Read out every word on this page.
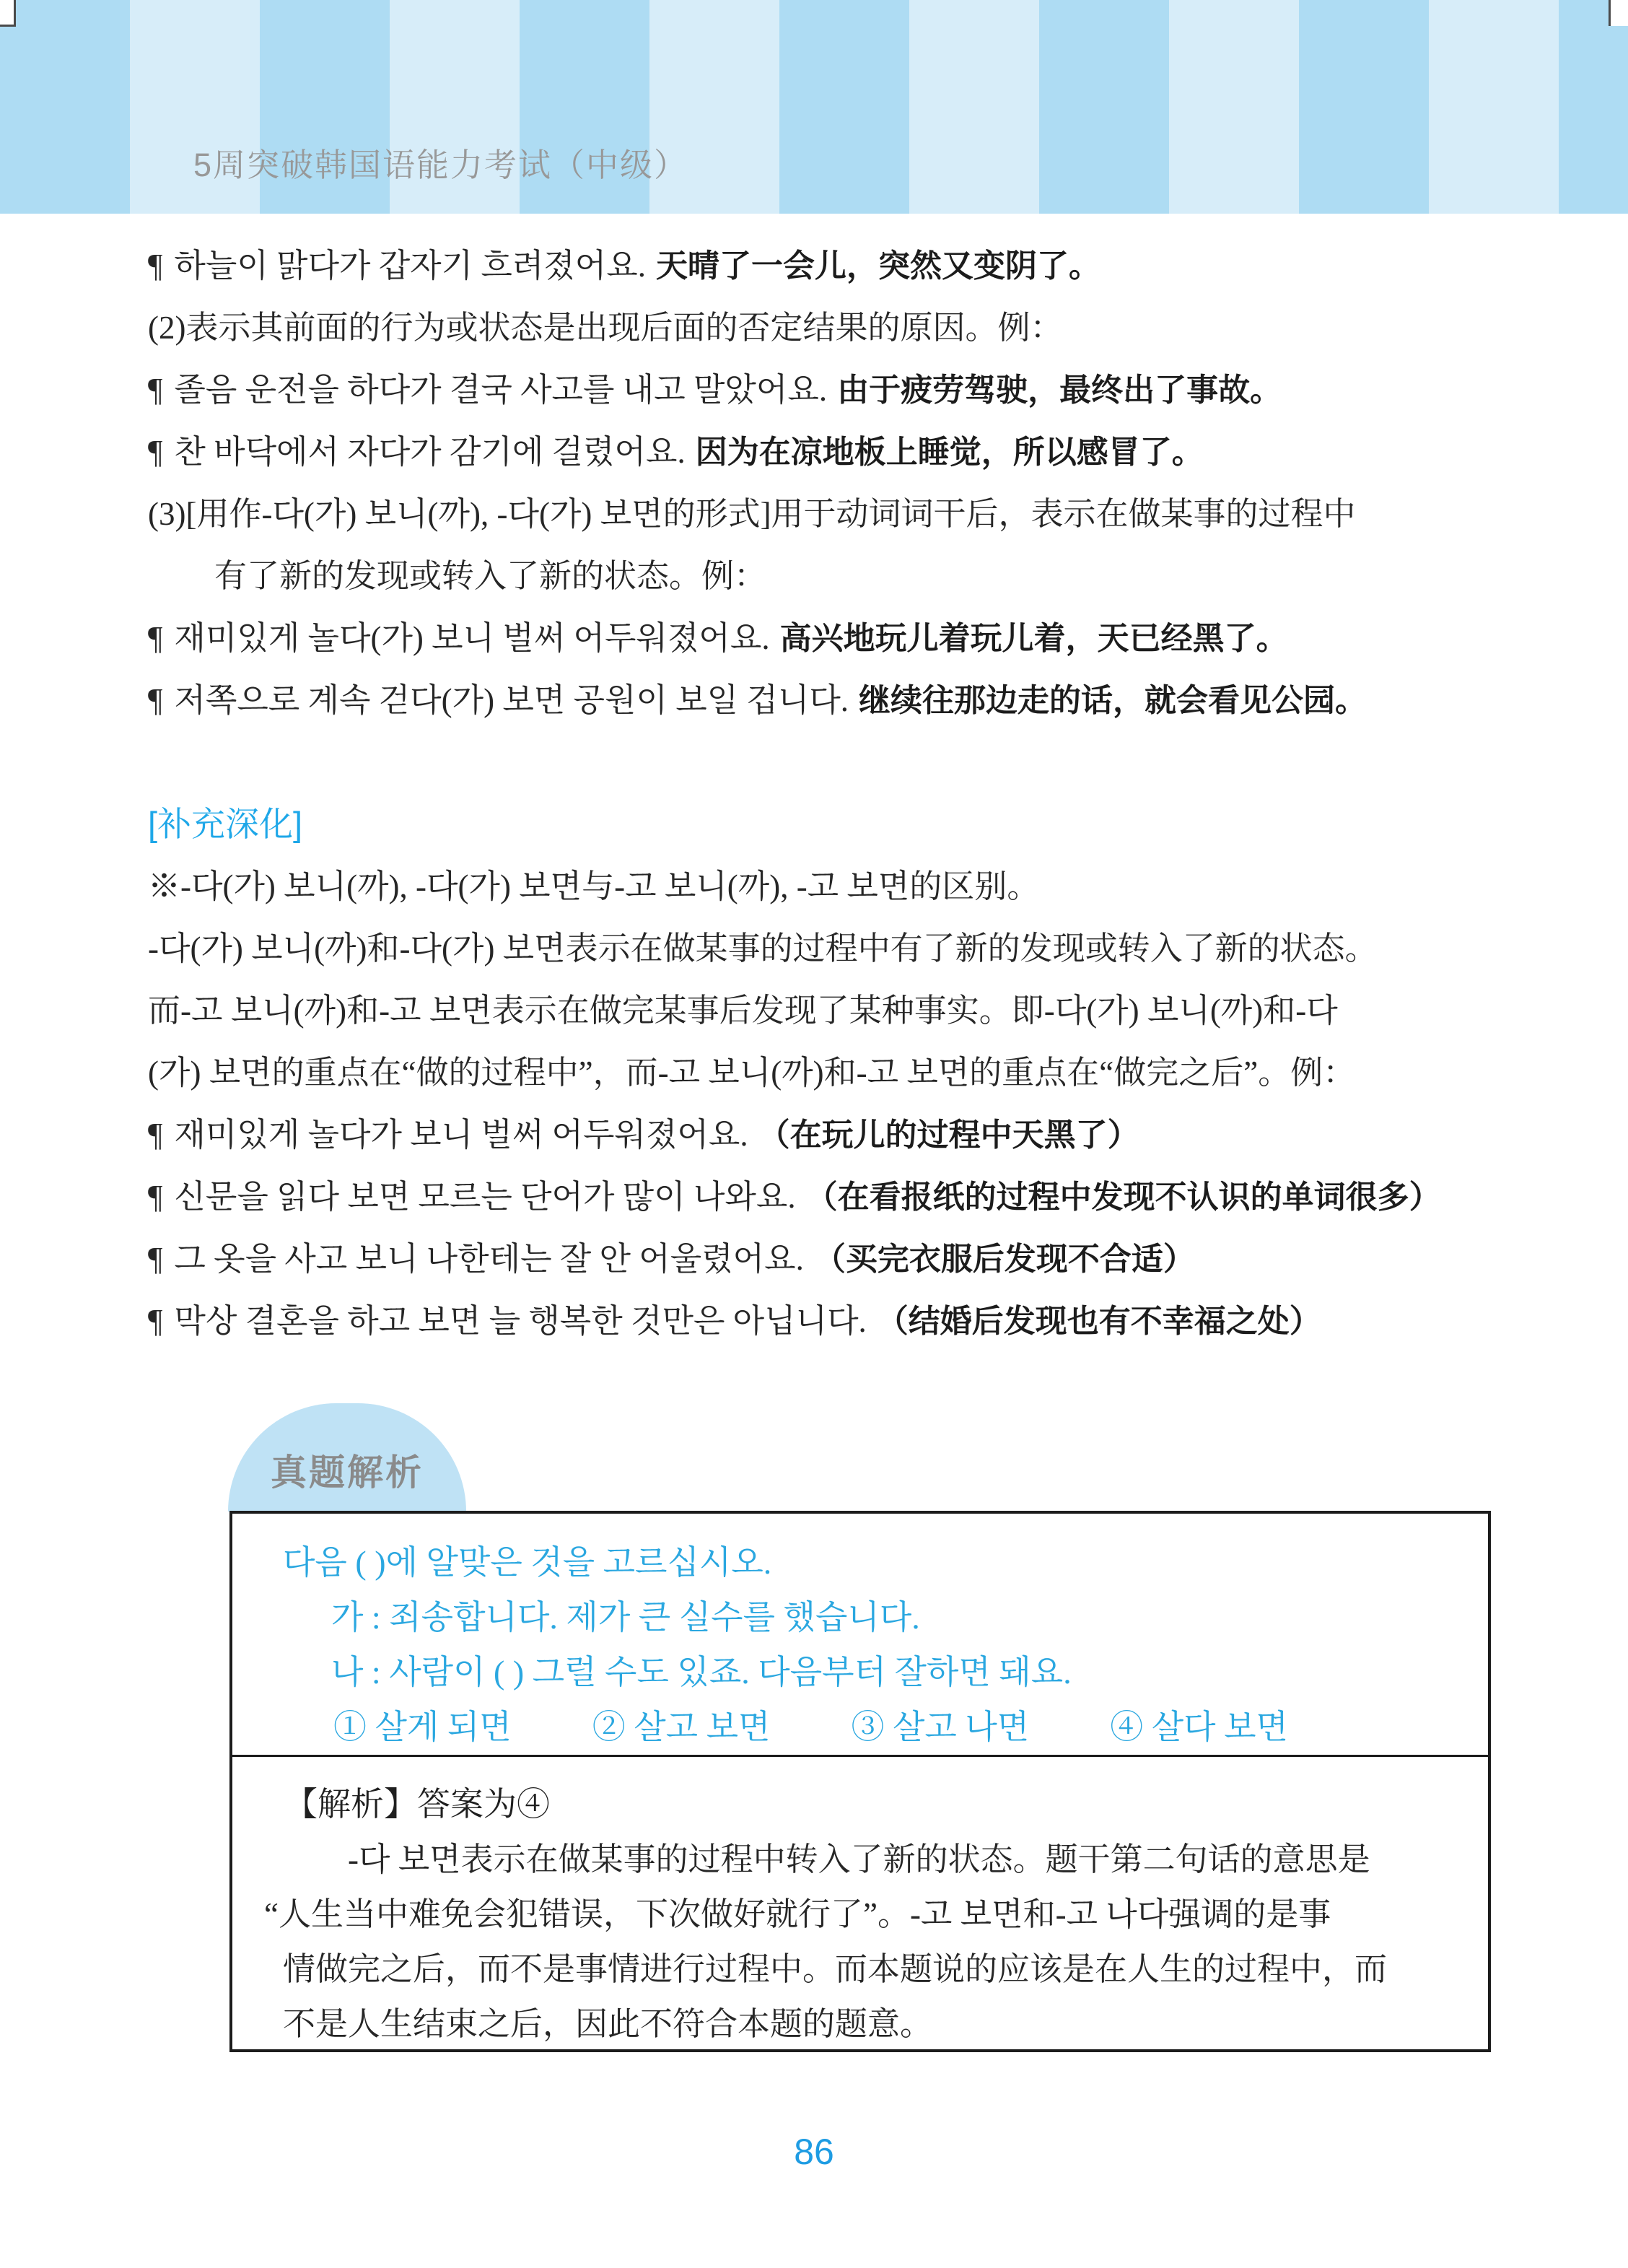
5周突破韩国语能力考试（中级）
¶ 하늘이 맑다가 갑자기 흐려졌어요. 天晴了一会儿，突然又变阴了。
(2)表示其前面的行为或状态是出现后面的否定结果的原因。例：
¶ 졸음 운전을 하다가 결국 사고를 내고 말았어요. 由于疲劳驾驶，最终出了事故。
¶ 찬 바닥에서 자다가 감기에 걸렸어요. 因为在凉地板上睡觉，所以感冒了。
(3)[用作-다(가) 보니(까), -다(가) 보면的形式]用于动词词干后，表示在做某事的过程中
有了新的发现或转入了新的状态。例：
¶ 재미있게 놀다(가) 보니 벌써 어두워졌어요. 高兴地玩儿着玩儿着，天已经黑了。
¶ 저쪽으로 계속 걷다(가) 보면 공원이 보일 겁니다. 继续往那边走的话，就会看见公园。
[补充深化]
※-다(가) 보니(까), -다(가) 보면与-고 보니(까), -고 보면的区别。
-다(가) 보니(까)和-다(가) 보면表示在做某事的过程中有了新的发现或转入了新的状态。
而-고 보니(까)和-고 보면表示在做完某事后发现了某种事实。即-다(가) 보니(까)和-다
(가) 보면的重点在“做的过程中”，而-고 보니(까)和-고 보면的重点在“做完之后”。例：
¶ 재미있게 놀다가 보니 벌써 어두워졌어요. （在玩儿的过程中天黑了）
¶ 신문을 읽다 보면 모르는 단어가 많이 나와요. （在看报纸的过程中发现不认识的单词很多）
¶ 그 옷을 사고 보니 나한테는 잘 안 어울렸어요. （买完衣服后发现不合适）
¶ 막상 결혼을 하고 보면 늘 행복한 것만은 아닙니다. （结婚后发现也有不幸福之处）
真题解析
다음 ( )에 알맞은 것을 고르십시오.
가 : 죄송합니다. 제가 큰 실수를 했습니다.
나 : 사람이 ( ) 그럴 수도 있죠. 다음부터 잘하면 돼요.
① 살게 되면 ② 살고 보면 ③ 살고 나면 ④ 살다 보면
【解析】答案为④
-다 보면表示在做某事的过程中转入了新的状态。题干第二句话的意思是
“人生当中难免会犯错误，下次做好就行了”。-고 보면和-고 나다强调的是事
情做完之后，而不是事情进行过程中。而本题说的应该是在人生的过程中，而
不是人生结束之后，因此不符合本题的题意。
86
